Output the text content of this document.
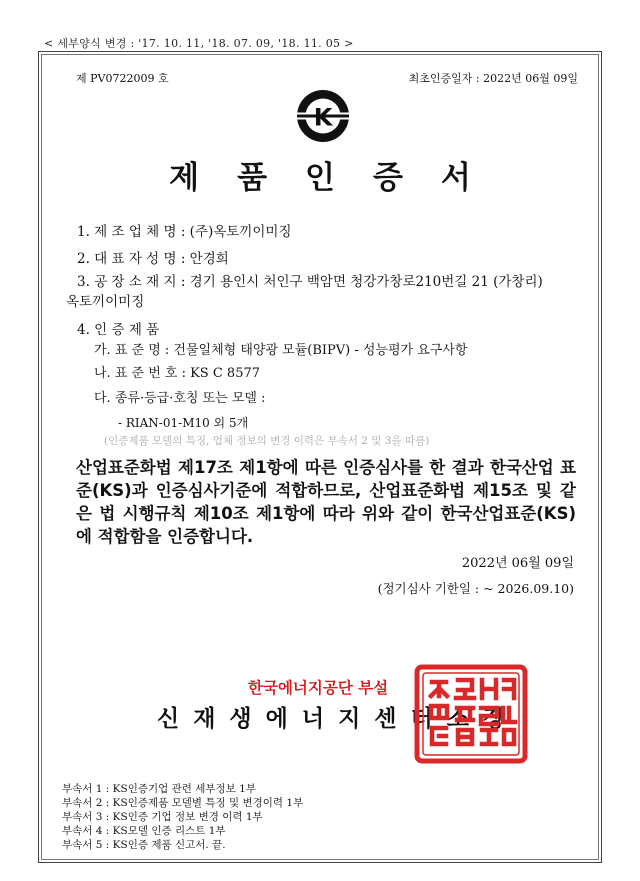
< 세부양식 변경 : '17. 10. 11, '18. 07. 09, '18. 11. 05 >
제 PV0722009 호	최초인증일자 : 2022년 06월 09일
K
제품인증서
1. 제 조 업 체 명 : (주)옥토끼이미징
2. 대 표 자 성 명 : 안경희
3. 공 장 소 재 지 : 경기 용인시 처인구 백암면 청강가창로210번길 21 (가창리)
옥토끼이미징
4. 인 증 제 품
가. 표 준 명 : 건물일체형 태양광 모듈(BIPV) - 성능평가 요구사항
나. 표 준 번 호 : KS C 8577
다. 종류·등급·호칭 또는 모델 :
- RIAN-01-M10 외 5개
(인증제품 모델의 특징, 업체 정보의 변경 이력은 부속서 2 및 3을 따름)
산업표준화법 제17조 제1항에 따른 인증심사를 한 결과 한국산업 표준(KS)과 인증심사기준에 적합하므로, 산업표준화법 제15조 및 같은 법 시행규칙 제10조 제1항에 따라 위와 같이 한국산업표준(KS)에 적합함을 인증합니다.
2022년 06월 09일
(정기심사 기한일 : ~ 2026.09.10)
한국에너지공단 부설
신재생에너지센터소장
부속서 1 : KS인증기업 관련 세부정보 1부
부속서 2 : KS인증제품 모델별 특징 및 변경이력 1부
부속서 3 : KS인증 기업 정보 변경 이력 1부
부속서 4 : KS모델 인증 리스트 1부
부속서 5 : KS인증 제품 신고서. 끝.
